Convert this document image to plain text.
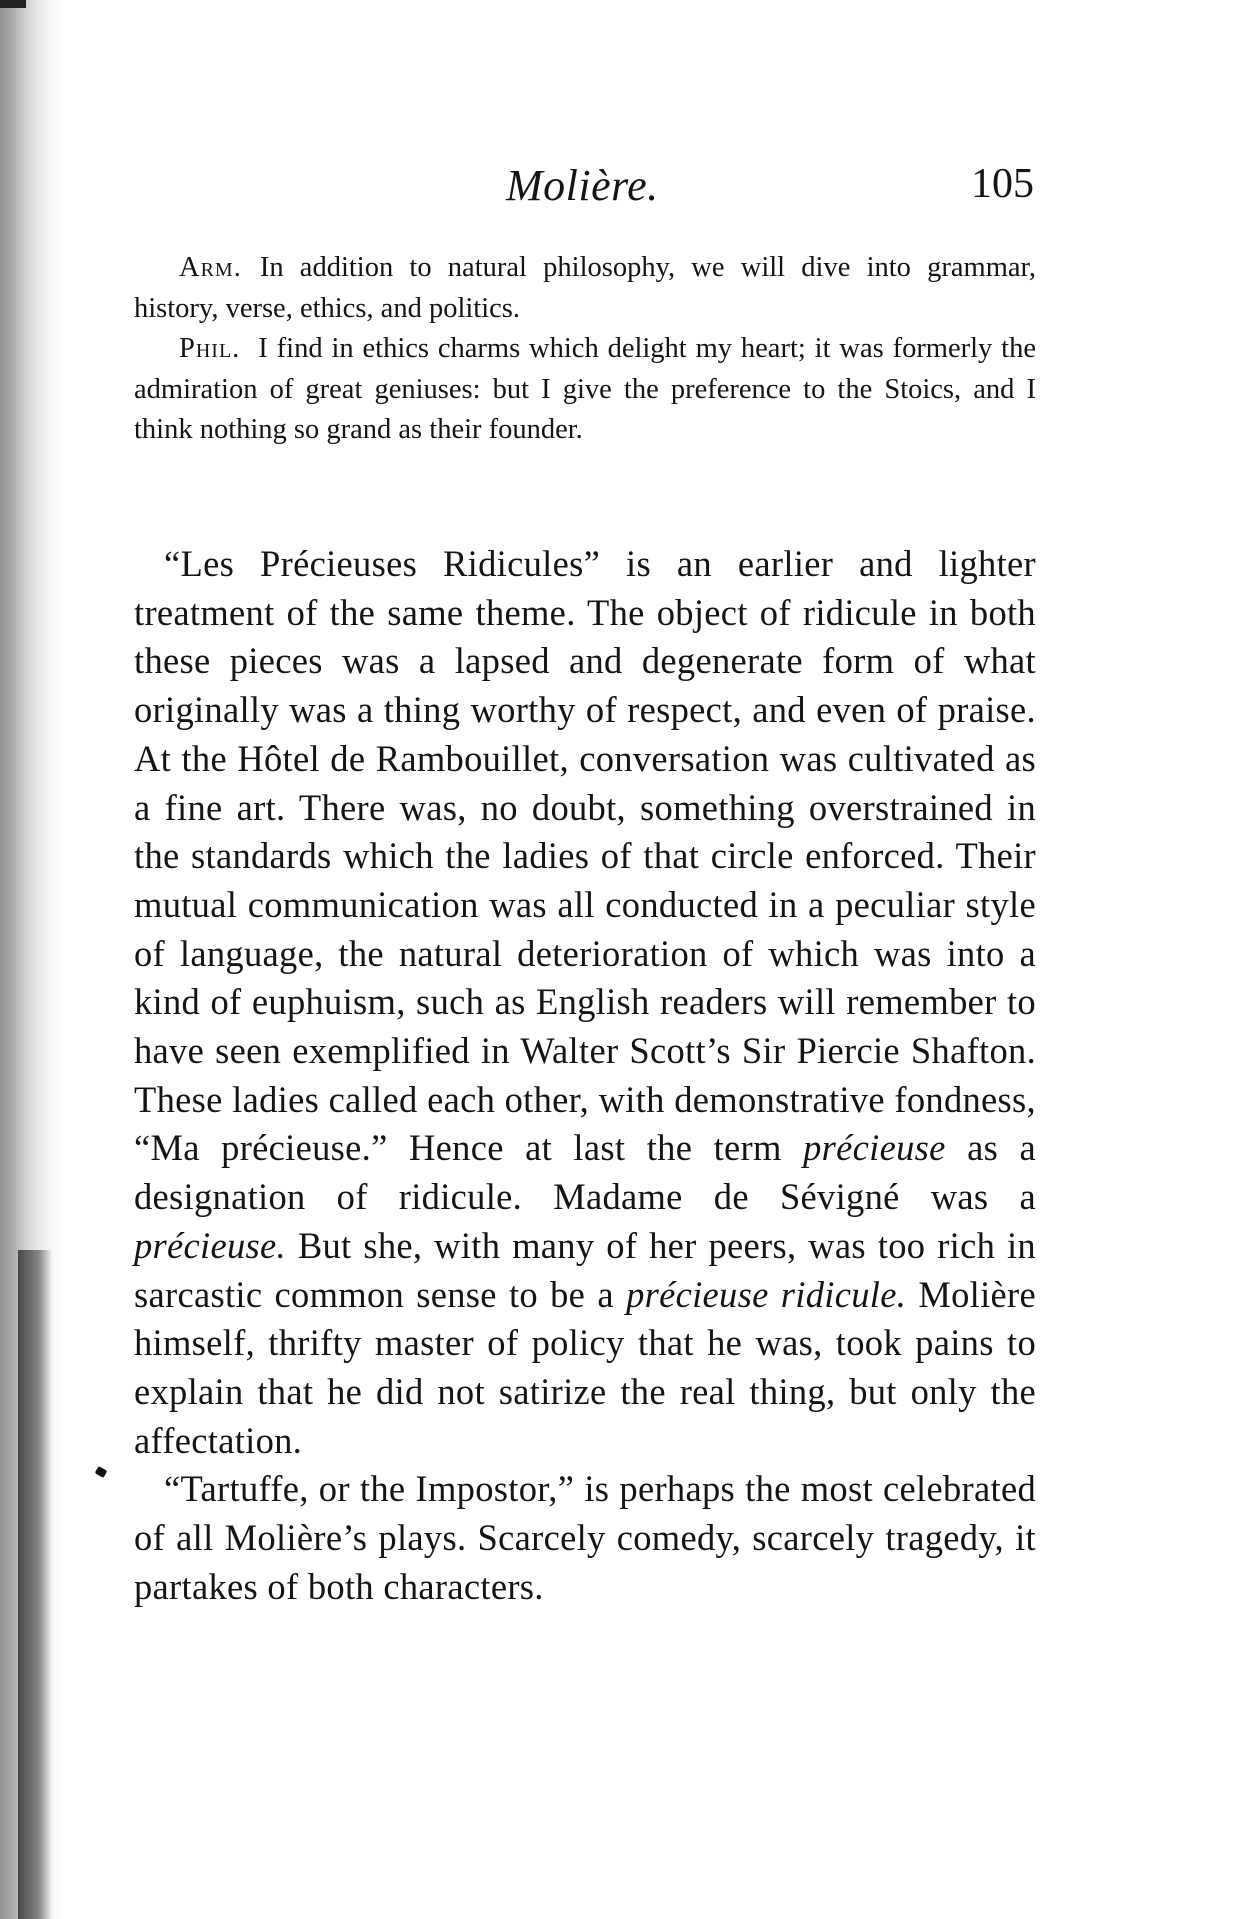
Molière.	105

Arm. In addition to natural philosophy, we will dive into grammar, history, verse, ethics, and politics.

Phil. I find in ethics charms which delight my heart; it was formerly the admiration of great geniuses: but I give the preference to the Stoics, and I think nothing so grand as their founder.

“Les Précieuses Ridicules” is an earlier and lighter treatment of the same theme. The object of ridicule in both these pieces was a lapsed and degenerate form of what originally was a thing worthy of respect, and even of praise. At the Hôtel de Rambouillet, conversation was cultivated as a fine art. There was, no doubt, something overstrained in the standards which the ladies of that circle enforced. Their mutual communication was all conducted in a peculiar style of language, the natural deterioration of which was into a kind of euphuism, such as English readers will remember to have seen exemplified in Walter Scott’s Sir Piercie Shafton. These ladies called each other, with demonstrative fondness, “Ma précieuse.” Hence at last the term précieuse as a designation of ridicule. Madame de Sévigné was a précieuse. But she, with many of her peers, was too rich in sarcastic common sense to be a précieuse ridicule. Molière himself, thrifty master of policy that he was, took pains to explain that he did not satirize the real thing, but only the affectation.

“Tartuffe, or the Impostor,” is perhaps the most celebrated of all Molière’s plays. Scarcely comedy, scarcely tragedy, it partakes of both characters.
